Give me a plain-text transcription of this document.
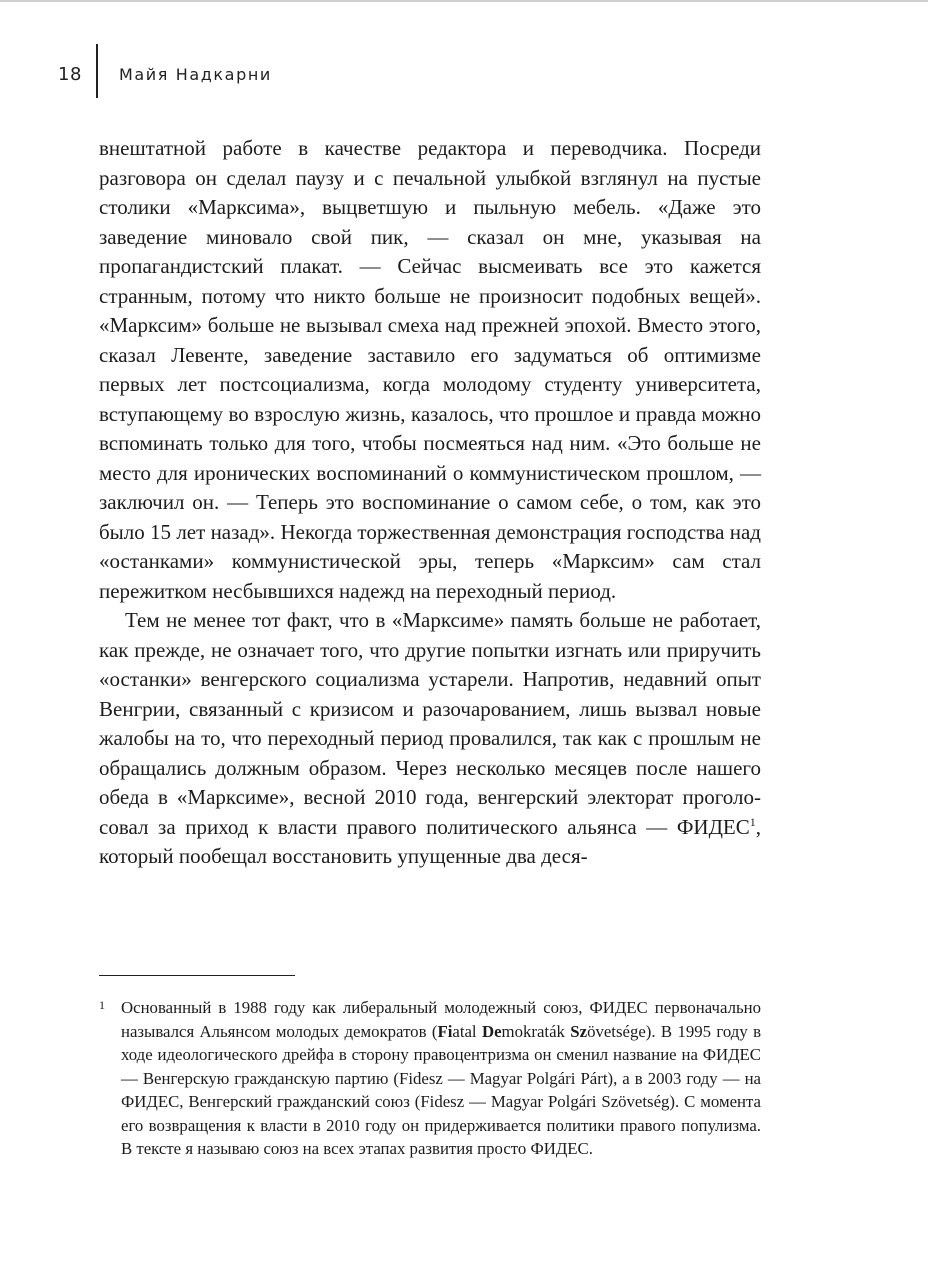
18 Майя Надкарни

внештатной работе в качестве редактора и переводчика. Посреди разговора он сделал паузу и с печальной улыбкой взглянул на пустые столики «Марксима», выцветшую и пыльную мебель. «Даже это заведение миновало свой пик, — сказал он мне, указывая на пропагандистский плакат. — Сейчас высмеивать все это кажется странным, потому что никто больше не произносит подобных вещей». «Марксим» больше не вызывал смеха над прежней эпохой. Вместо этого, сказал Левенте, заведение заставило его задуматься об оптимизме первых лет постсоциализма, когда молодому студенту университета, вступающему во взрослую жизнь, казалось, что прошлое и правда можно вспоминать только для того, чтобы посмеяться над ним. «Это больше не место для иронических воспоминаний о коммунистическом прошлом, — заключил он. — Теперь это воспоминание о самом себе, о том, как это было 15 лет назад». Некогда торжественная демонстрация господства над «останками» коммунистической эры, теперь «Марксим» сам стал пережитком несбывшихся надежд на переходный период.

Тем не менее тот факт, что в «Марксиме» память больше не работает, как прежде, не означает того, что другие попытки изгнать или приручить «останки» венгерского социализма устарели. Напротив, недавний опыт Венгрии, связанный с кризисом и разочарованием, лишь вызвал новые жалобы на то, что переходный период провалился, так как с прошлым не обращались должным образом. Через несколько месяцев после нашего обеда в «Марксиме», весной 2010 года, венгерский электорат проголосовал за приход к власти правого политического альянса — ФИДЕС$^1$, который пообещал восстановить упущенные два деся-

1 Основанный в 1988 году как либеральный молодежный союз, ФИДЕС первоначально назывался Альянсом молодых демократов (Fiatal Demokraták Szövetsége). В 1995 году в ходе идеологического дрейфа в сторону правоцентризма он сменил название на ФИДЕС — Венгерскую гражданскую партию (Fidesz — Magyar Polgári Párt), а в 2003 году — на ФИДЕС, Венгерский гражданский союз (Fidesz — Magyar Polgári Szövetség). С момента его возвращения к власти в 2010 году он придерживается политики правого популизма. В тексте я называю союз на всех этапах развития просто ФИДЕС.
